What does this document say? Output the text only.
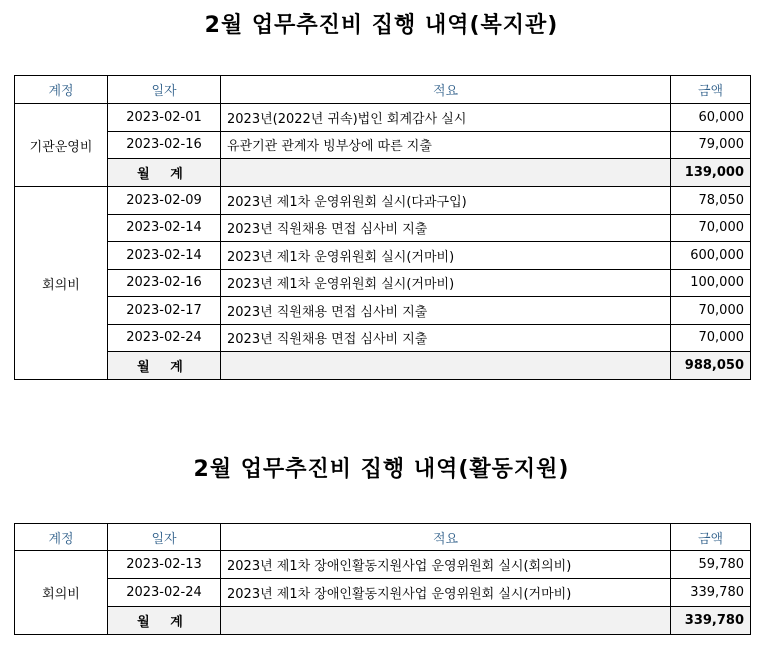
2월 업무추진비 집행 내역(복지관)
계정	일자	적요	금액
기관운영비	2023-02-01	2023년(2022년 귀속)법인 회계감사 실시	60,000
	2023-02-16	유관기관 관계자 빙부상에 따른 지출	79,000
	월 계		139,000
회의비	2023-02-09	2023년 제1차 운영위원회 실시(다과구입)	78,050
	2023-02-14	2023년 직원채용 면접 심사비 지출	70,000
	2023-02-14	2023년 제1차 운영위원회 실시(거마비)	600,000
	2023-02-16	2023년 제1차 운영위원회 실시(거마비)	100,000
	2023-02-17	2023년 직원채용 면접 심사비 지출	70,000
	2023-02-24	2023년 직원채용 면접 심사비 지출	70,000
	월 계		988,050
2월 업무추진비 집행 내역(활동지원)
계정	일자	적요	금액
회의비	2023-02-13	2023년 제1차 장애인활동지원사업 운영위원회 실시(회의비)	59,780
	2023-02-24	2023년 제1차 장애인활동지원사업 운영위원회 실시(거마비)	339,780
	월 계		339,780
